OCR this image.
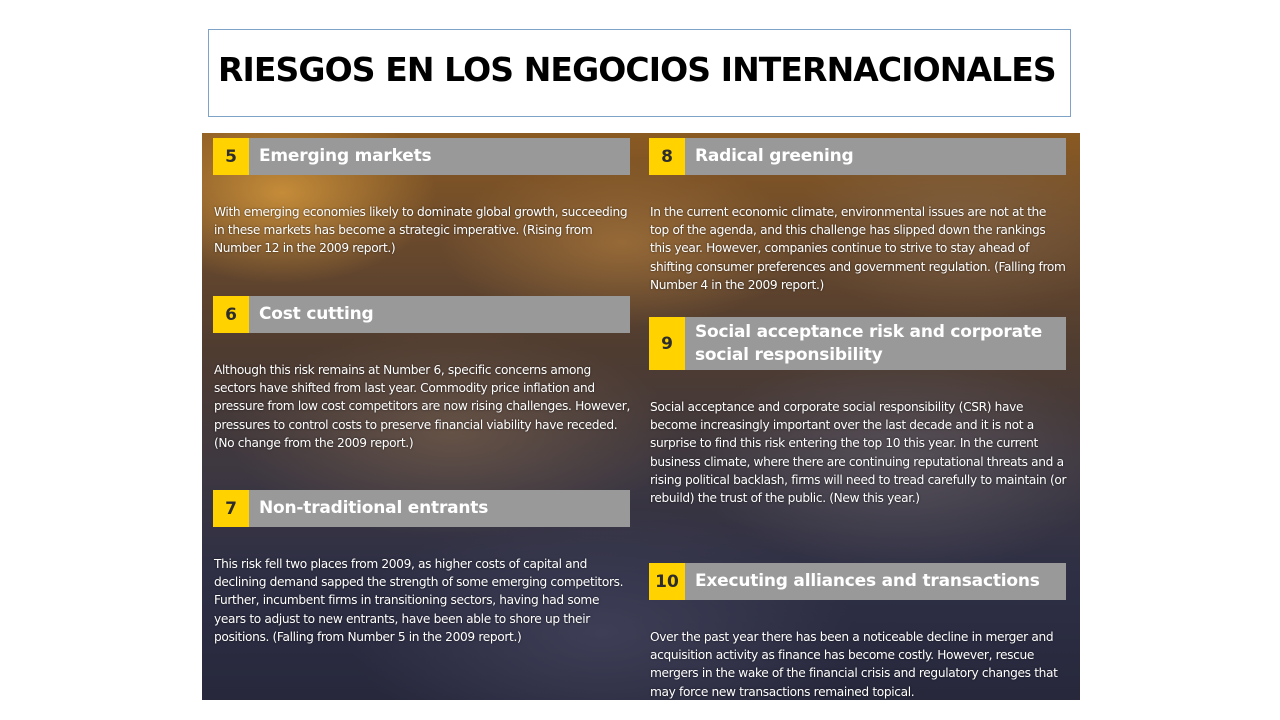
RIESGOS EN LOS NEGOCIOS INTERNACIONALES
5	Emerging markets
With emerging economies likely to dominate global growth, succeeding in these markets has become a strategic imperative. (Rising from Number 12 in the 2009 report.)
6	Cost cutting
Although this risk remains at Number 6, specific concerns among sectors have shifted from last year. Commodity price inflation and pressure from low cost competitors are now rising challenges. However, pressures to control costs to preserve financial viability have receded. (No change from the 2009 report.)
7	Non-traditional entrants
This risk fell two places from 2009, as higher costs of capital and declining demand sapped the strength of some emerging competitors. Further, incumbent firms in transitioning sectors, having had some years to adjust to new entrants, have been able to shore up their positions. (Falling from Number 5 in the 2009 report.)
8	Radical greening
In the current economic climate, environmental issues are not at the top of the agenda, and this challenge has slipped down the rankings this year. However, companies continue to strive to stay ahead of shifting consumer preferences and government regulation. (Falling from Number 4 in the 2009 report.)
9
Social acceptance risk and corporate social responsibility
Social acceptance and corporate social responsibility (CSR) have become increasingly important over the last decade and it is not a surprise to find this risk entering the top 10 this year. In the current business climate, where there are continuing reputational threats and a rising political backlash, firms will need to tread carefully to maintain (or rebuild) the trust of the public. (New this year.)
10 Executing alliances and transactions
Over the past year there has been a noticeable decline in merger and acquisition activity as finance has become costly. However, rescue mergers in the wake of the financial crisis and regulatory changes that may force new transactions remained topical.
